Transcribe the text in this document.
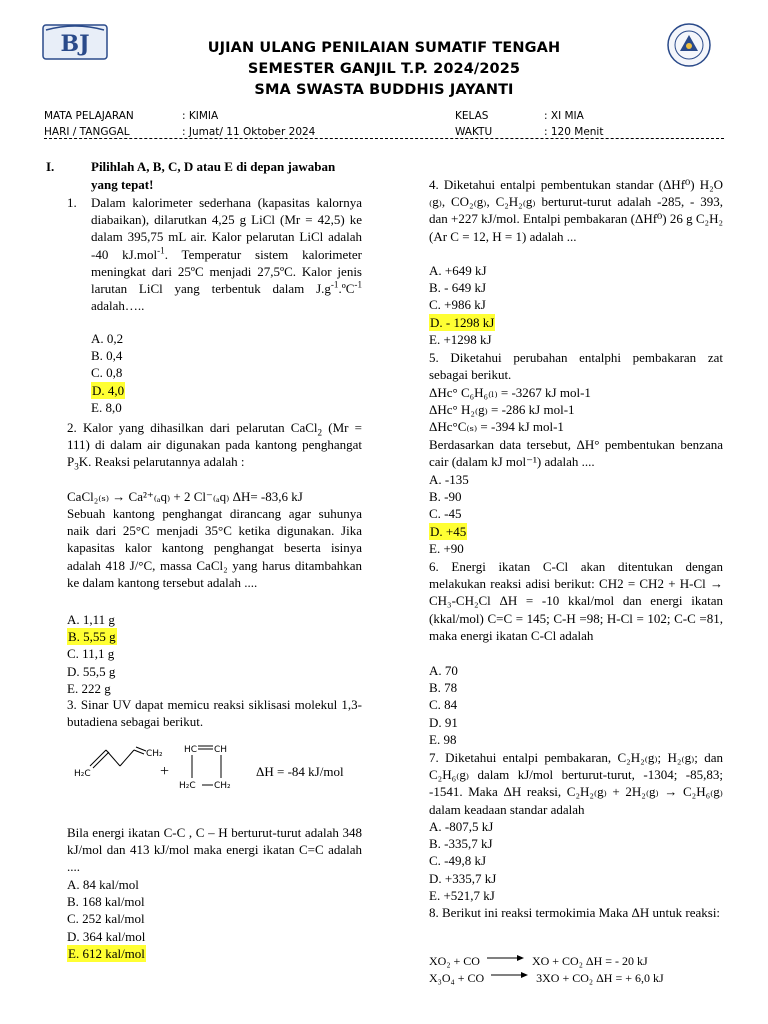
BJ	UJIAN ULANG PENILAIAN SUMATIF TENGAH
SEMESTER GANJIL T.P. 2024/2025
SMA SWASTA BUDDHIS JAYANTI
MATA PELAJARAN	: KIMIA
HARI / TANGGAL	: Jumat/ 11 Oktober 2024
KELAS	: XI MIA
WAKTU	: 120 Menit
I.	Pilihlah A, B, C, D atau E di depan jawaban yang tepat!
1. Dalam kalorimeter sederhana (kapasitas kalornya diabaikan), dilarutkan 4,25 g LiCl (Mr = 42,5) ke dalam 395,75 mL air. Kalor pelarutan LiCl adalah -40 kJ.mol$^{-1}$. Temperatur sistem kalorimeter meningkat dari 25ºC menjadi 27,5ºC. Kalor jenis larutan LiCl yang terbentuk dalam $J.g^{-1}.ºC^{-1}$ adalah…..
A. 0,2
B. 0,4
C. 0,8
D. 4,0
E. 8,0
2. Kalor yang dihasilkan dari pelarutan CaCl$_2$ (Mr = 111) di dalam air digunakan pada kantong penghangat $P_3K$. Reaksi pelarutannya adalah :
CaCl₂₍ₛ₎ → Ca²⁺₍ₐq₎ + 2 Cl⁻₍ₐq₎ ΔH= -83,6 kJ
Sebuah kantong penghangat dirancang agar suhunya naik dari 25°C menjadi 35°C ketika digunakan. Jika kapasitas kalor kantong penghangat beserta isinya adalah 418 J/°C, massa CaCl₂ yang harus ditambahkan ke dalam kantong tersebut adalah ....
A. 1,11 g
B. 5,55 g
C. 11,1 g
D. 55,5 g
E. 222 g
3. Sinar UV dapat memicu reaksi siklisasi molekul 1,3-butadiena sebagai berikut.
H₂C
CH₂
+
HC CH
H₂C CH₂
ΔH = -84 kJ/mol
Bila energi ikatan C-C , C – H berturut-turut adalah 348 kJ/mol dan 413 kJ/mol maka energi ikatan C=C adalah ....
A. 84 kal/mol
B. 168 kal/mol
C. 252 kal/mol
D. 364 kal/mol
E. 612 kal/mol
4. Diketahui entalpi pembentukan standar (ΔHf⁰) H₂O ₍g₎, CO₂₍g₎, C₂H₂₍g₎ berturut-turut adalah -285, - 393, dan +227 kJ/mol. Entalpi pembakaran (ΔHf⁰) 26 g C₂H₂ (Ar C = 12, H = 1) adalah ...
A. +649 kJ
B. - 649 kJ
C. +986 kJ
D. - 1298 kJ
E. +1298 kJ
5. Diketahui perubahan entalphi pembakaran zat sebagai berikut.
ΔHc° C₆H₆₍ₗ₎ = -3267 kJ mol-1
ΔHc° H₂₍g₎ = -286 kJ mol-1
ΔHc°C₍ₛ₎ = -394 kJ mol-1
Berdasarkan data tersebut, ΔH° pembentukan benzana cair (dalam kJ mol⁻¹) adalah ....
A. -135
B. -90
C. -45
D. +45
E. +90
6. Energi ikatan C-Cl akan ditentukan dengan melakukan reaksi adisi berikut: CH2 = CH2 + H-Cl → CH₃-CH₂Cl ΔH = -10 kkal/mol dan energi ikatan (kkal/mol) C=C = 145; C-H =98; H-Cl = 102; C-C =81, maka energi ikatan C-Cl adalah
A. 70
B. 78
C. 84
D. 91
E. 98
7. Diketahui entalpi pembakaran, C₂H₂₍g₎; H₂₍g₎; dan C₂H₆₍g₎ dalam kJ/mol berturut-turut, -1304; -85,83; -1541. Maka ΔH reaksi, C₂H₂₍g₎ + 2H₂₍g₎ → C₂H₆₍g₎ dalam keadaan standar adalah
A. -807,5 kJ
B. -335,7 kJ
C. -49,8 kJ
D. +335,7 kJ
E. +521,7 kJ
8. Berikut ini reaksi termokimia Maka ΔH untuk reaksi:
XO₂ + CO	XO + CO₂ ΔH = - 20 kJ
X₃O₄ + CO	3XO + CO₂ ΔH = + 6,0 kJ
